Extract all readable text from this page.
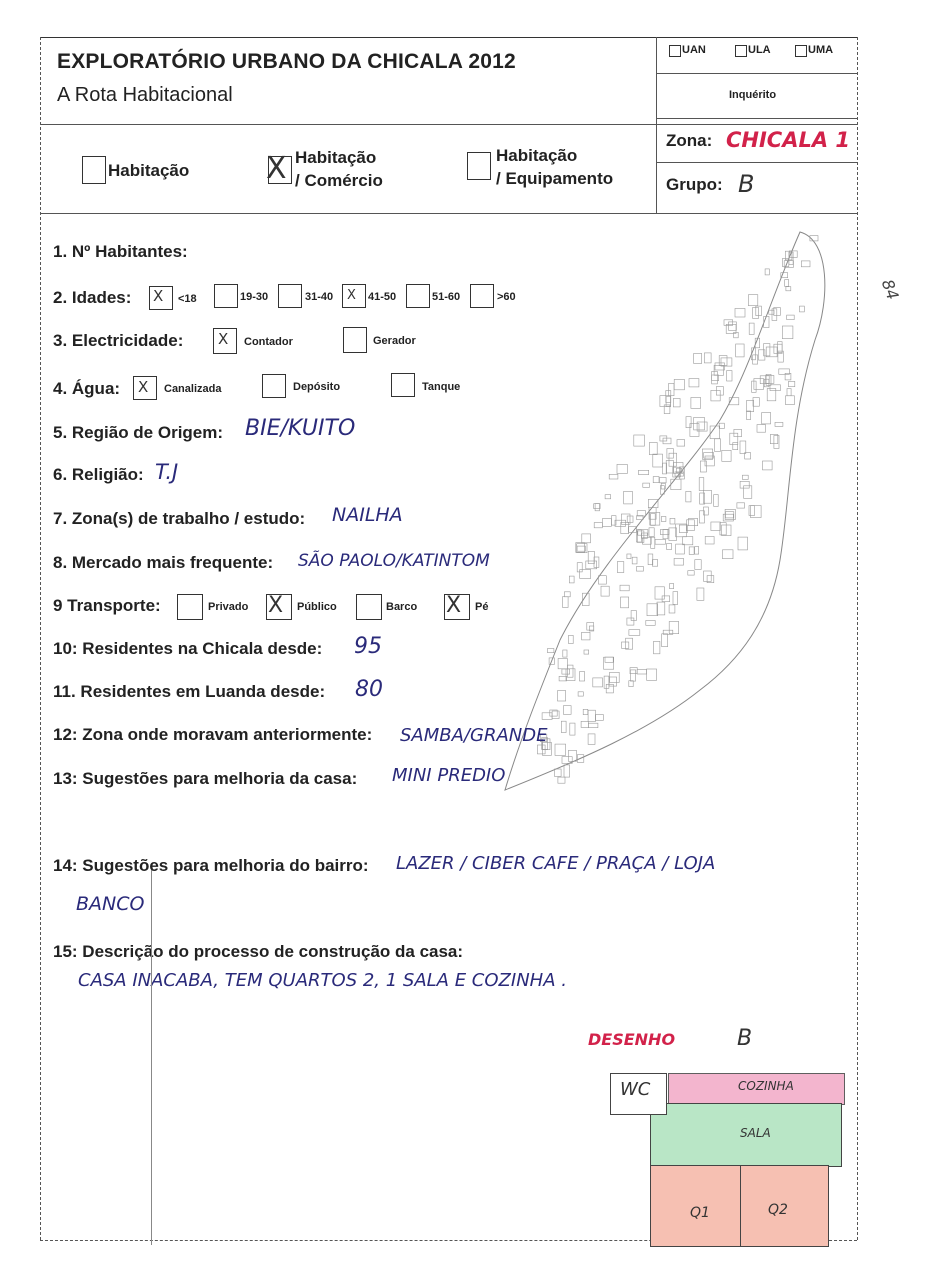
EXPLORATÓRIO URBANO DA CHICALA 2012
A Rota Habitacional
UAN	ULA	UMA
Inquérito
Zona: CHICALA 1
Grupo: B
Habitação	X Habitação
/ Comércio
Habitação
/ Equipamento
1. Nº Habitantes:
2. Idades: X <18	19-30	31-40 X 41-50	51-60	>60
3. Electricidade: X Contador	Gerador
4. Água: X Canalizada	Depósito	Tanque
5. Região de Origem: BIE/KUITO
6. Religião: T.J
7. Zona(s) de trabalho / estudo: NAILHA
8. Mercado mais frequente: SÃO PAOLO/KATINTOM
9 Transporte:	Privado X Público	Barco X Pé
10: Residentes na Chicala desde: 95
11. Residentes em Luanda desde: 80
12: Zona onde moravam anteriormente: SAMBA/GRANDE
13: Sugestões para melhoria da casa: MINI PREDIO
14: Sugestões para melhoria do bairro: LAZER / CIBER CAFE / PRAÇA / LOJA
BANCO
15: Descrição do processo de construção da casa:
CASA INACABA, TEM QUARTOS 2, 1 SALA E COZINHA .
84
DESENHO	B
WC	COZINHA
SALA
Q1	Q2
